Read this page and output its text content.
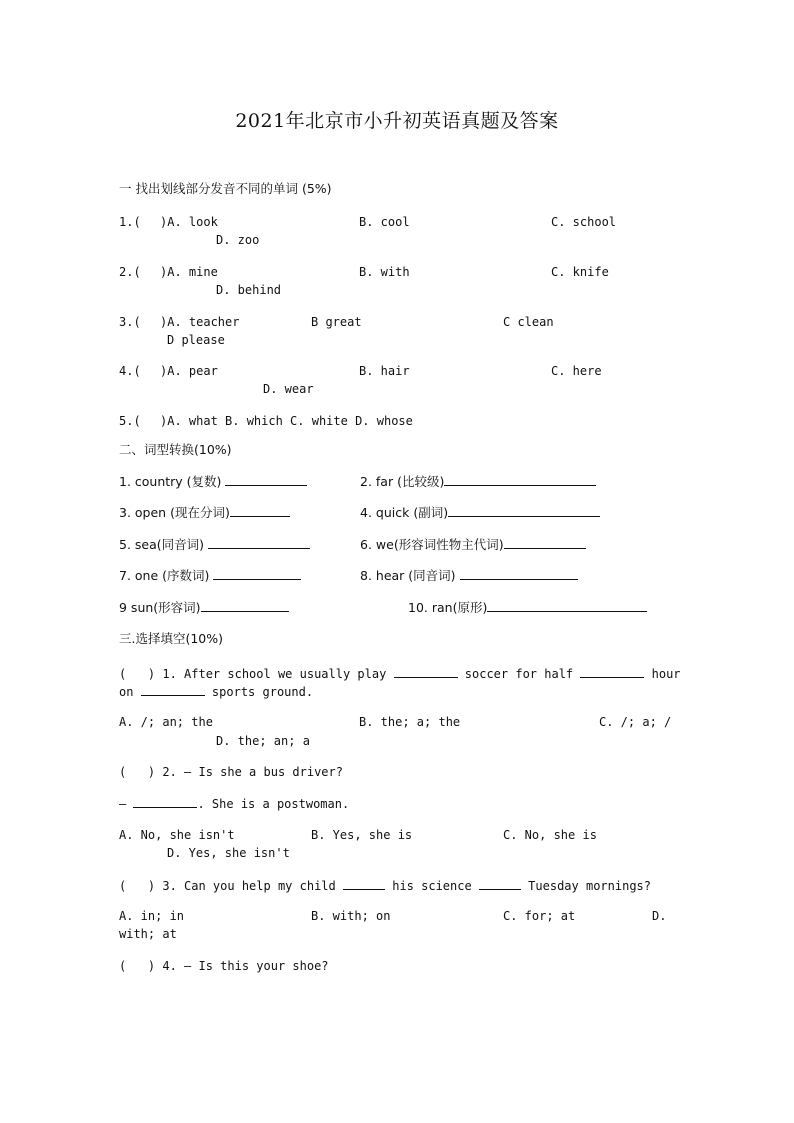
2021年北京市小升初英语真题及答案
一 找出划线部分发音不同的单词 (5%)
1.( )A. look	B. cool	C. school
D. zoo
2.( )A. mine	B. with	C. knife
D. behind
3.( )A. teacher	B great	C clean
D please
4.( )A. pear	B. hair	C. here
D. wear
5.( )A. what B. which C. white D. whose
二、词型转换(10%)
1. country (复数)	2. far (比较级)
3. open (现在分词)	4. quick (副词)
5. sea(同音词)	6. we(形容词性物主代词)
7. one (序数词)	8. hear (同音词)
9 sun(形容词)	10. ran(原形)
三.选择填空(10%)
(   ) 1. After school we usually play	soccer for half	hour
on	sports ground.
A. /; an; the	B. the; a; the	C. /; a; /
D. the; an; a
(   ) 2. — Is she a bus driver?
—	. She is a postwoman.
A. No, she isn't	B. Yes, she is	C. No, she is
D. Yes, she isn't
(   ) 3. Can you help my child	his science	Tuesday mornings?
A. in; in	B. with; on	C. for; at	D.
with; at
(   ) 4. — Is this your shoe?
